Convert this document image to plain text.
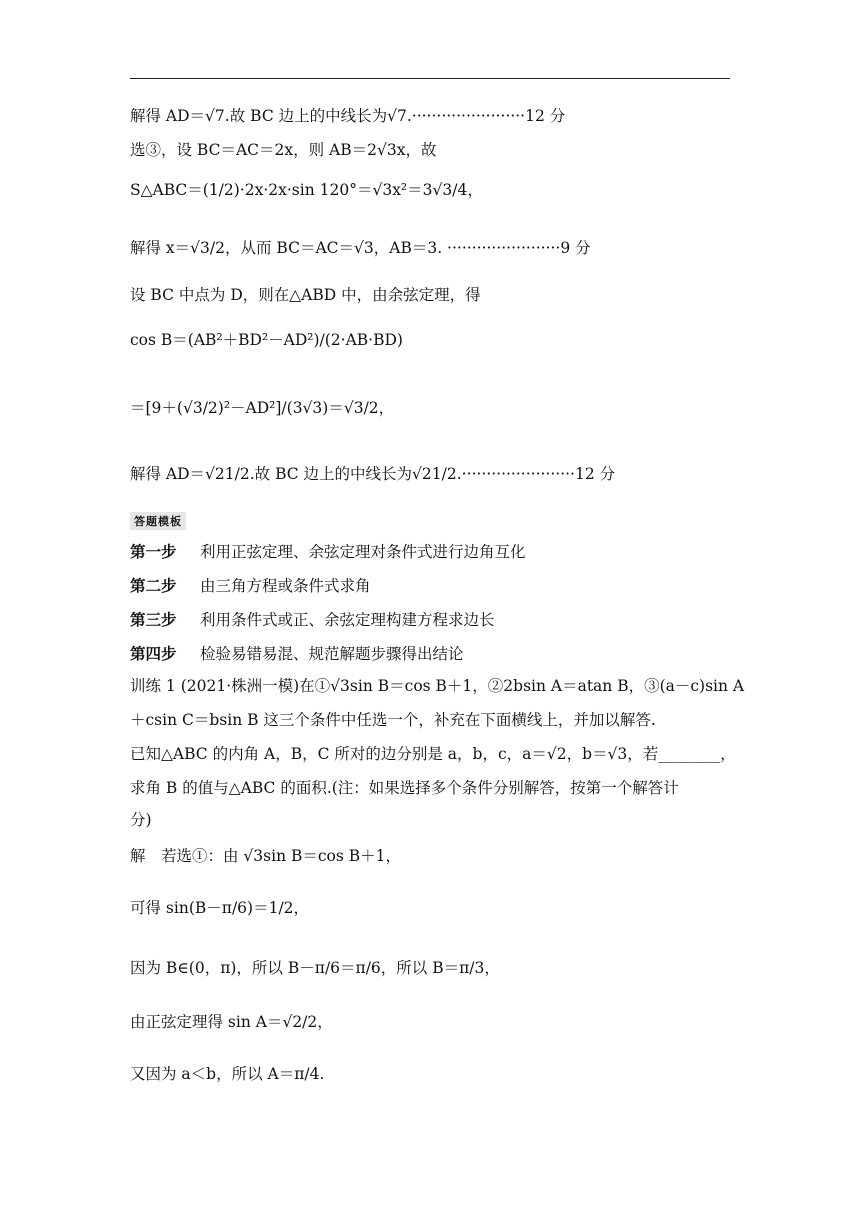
解得 AD＝√7.故 BC 边上的中线长为√7.·······················12 分
选③，设 BC＝AC＝2x，则 AB＝2√3x，故
S△ABC＝(1/2)·2x·2x·sin 120°＝√3x²＝3√3/4，
解得 x＝√3/2，从而 BC＝AC＝√3，AB＝3. ·······················9 分
设 BC 中点为 D，则在△ABD 中，由余弦定理，得
cos B＝(AB²＋BD²－AD²)/(2·AB·BD)
＝[9＋(√3/2)²－AD²]/(3√3)＝√3/2，
解得 AD＝√21/2.故 BC 边上的中线长为√21/2.·······················12 分
答题模板
第一步 利用正弦定理、余弦定理对条件式进行边角互化
第二步 由三角方程或条件式求角
第三步 利用条件式或正、余弦定理构建方程求边长
第四步 检验易错易混、规范解题步骤得出结论
训练 1 (2021·株洲一模)在①√3sin B＝cos B＋1，②2bsin A＝atan B，③(a－c)sin A
＋csin C＝bsin B 这三个条件中任选一个，补充在下面横线上，并加以解答.
已知△ABC 的内角 A，B，C 所对的边分别是 a，b，c，a＝√2，b＝√3，若________，
求角 B 的值与△ABC 的面积.(注：如果选择多个条件分别解答，按第一个解答计
分)
解　若选①：由 √3sin B＝cos B＋1，
可得 sin(B－π/6)＝1/2，
因为 B∈(0，π)，所以 B－π/6＝π/6，所以 B＝π/3，
由正弦定理得 sin A＝√2/2，
又因为 a＜b，所以 A＝π/4.
